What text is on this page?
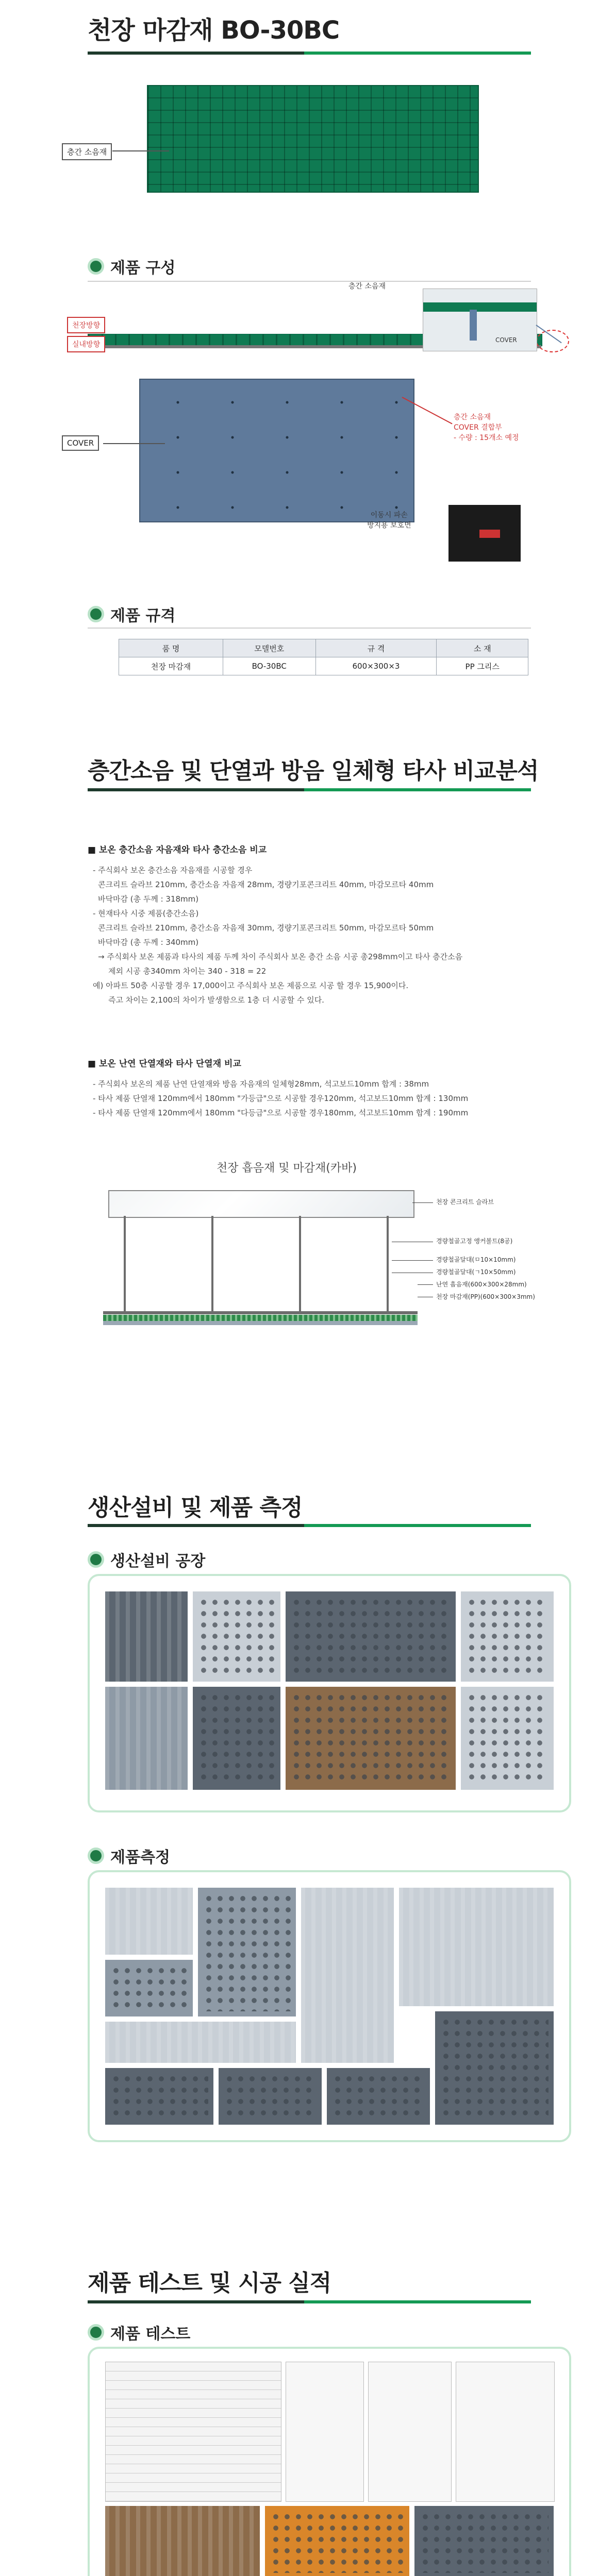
천장 마감재 BO-30BC
층간 소음재
제품 구성
층간 소음재
COVER
천장방향
실내방향
COVER
층간 소음재
COVER 결합부
- 수량 : 15개소 예정
이동시 파손
방지용 보호면
제품 규격
품 명	모델번호	규 격	소 재
천장 마감재	BO-30BC	600×300×3	PP 그리스
층간소음 및 단열과 방음 일체형 타사 비교분석
■ 보온 층간소음 자음재와 타사 층간소음 비교
- 주식회사 보온 층간소음 자음재를 시공할 경우
콘크리트 슬라브 210mm, 층간소음 자음재 28mm, 경량기포콘크리트 40mm, 마감모르타 40mm
바닥마감 (총 두께 : 318mm)
- 현재타사 시중 제품(층간소음)
콘크리트 슬라브 210mm, 층간소음 자음재 30mm, 경량기포콘크리트 50mm, 마감모르타 50mm
바닥마감 (총 두께 : 340mm)
→ 주식회사 보온 제품과 타사의 제품 두께 차이 주식회사 보온 층간 소음 시공 총298mm이고 타사 층간소음
제외 시공 총340mm 차이는 340 - 318 = 22
예) 아파트 50층 시공할 경우 17,000이고 주식회사 보온 제품으로 시공 할 경우 15,900이다.
즉고 차이는 2,100의 차이가 발생함으로 1층 더 시공할 수 있다.
■ 보온 난연 단열재와 타사 단열재 비교
- 주식회사 보온의 제품 난연 단열재와 방음 자음재의 일체형28mm, 석고보드10mm 합계 : 38mm
- 타사 제품 단열재 120mm에서 180mm "가등급"으로 시공할 경우120mm, 석고보드10mm 합계 : 130mm
- 타사 제품 단열재 120mm에서 180mm "다등급"으로 시공할 경우180mm, 석고보드10mm 합계 : 190mm
천장 흡음재 및 마감재(카바)
천장 콘크리트 슬라브
경량철골고정 앵커볼트(8공)
경량철골달대(ㅁ10×10mm)
경량철골달대(ㄱ10×50mm)
난연 흡음재(600×300×28mm)
천장 마감재(PP)(600×300×3mm)
생산설비 및 제품 측정
생산설비 공장
제품측정
제품 테스트 및 시공 실적
제품 테스트
